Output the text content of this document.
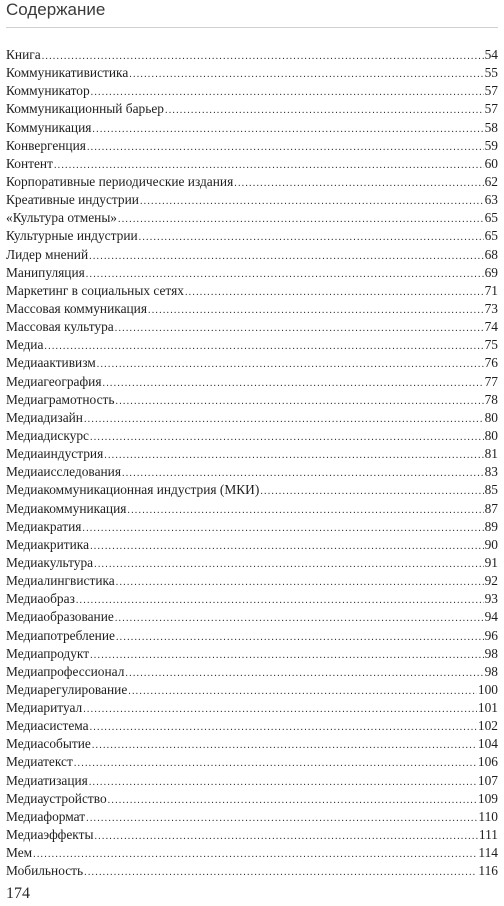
Содержание
Книга .....	54
Коммуникативистика .....	55
Коммуникатор .....	57
Коммуникационный барьер .....	57
Коммуникация .....	58
Конвергенция .....	59
Контент .....	60
Корпоративные периодические издания .....	62
Креативные индустрии .....	63
«Культура отмены» .....	65
Культурные индустрии .....	65
Лидер мнений .....	68
Манипуляция .....	69
Маркетинг в социальных сетях .....	71
Массовая коммуникация .....	73
Массовая культура .....	74
Медиа .....	75
Медиаактивизм .....	76
Медиагеография .....	77
Медиаграмотность .....	78
Медиадизайн .....	80
Медиадискурс .....	80
Медиаиндустрия .....	81
Медиаисследования .....	83
Медиакоммуникационная индустрия (МКИ) .....	85
Медиакоммуникация .....	87
Медиакратия .....	89
Медиакритика .....	90
Медиакультура .....	91
Медиалингвистика .....	92
Медиаобраз .....	93
Медиаобразование .....	94
Медиапотребление .....	96
Медиапродукт .....	98
Медиапрофессионал .....	98
Медиарегулирование .....	100
Медиаритуал .....	101
Медиасистема .....	102
Медиасобытие .....	104
Медиатекст .....	106
Медиатизация .....	107
Медиаустройство .....	109
Медиаформат .....	110
Медиаэффекты .....	111
Мем .....	114
Мобильность .....	116
174
